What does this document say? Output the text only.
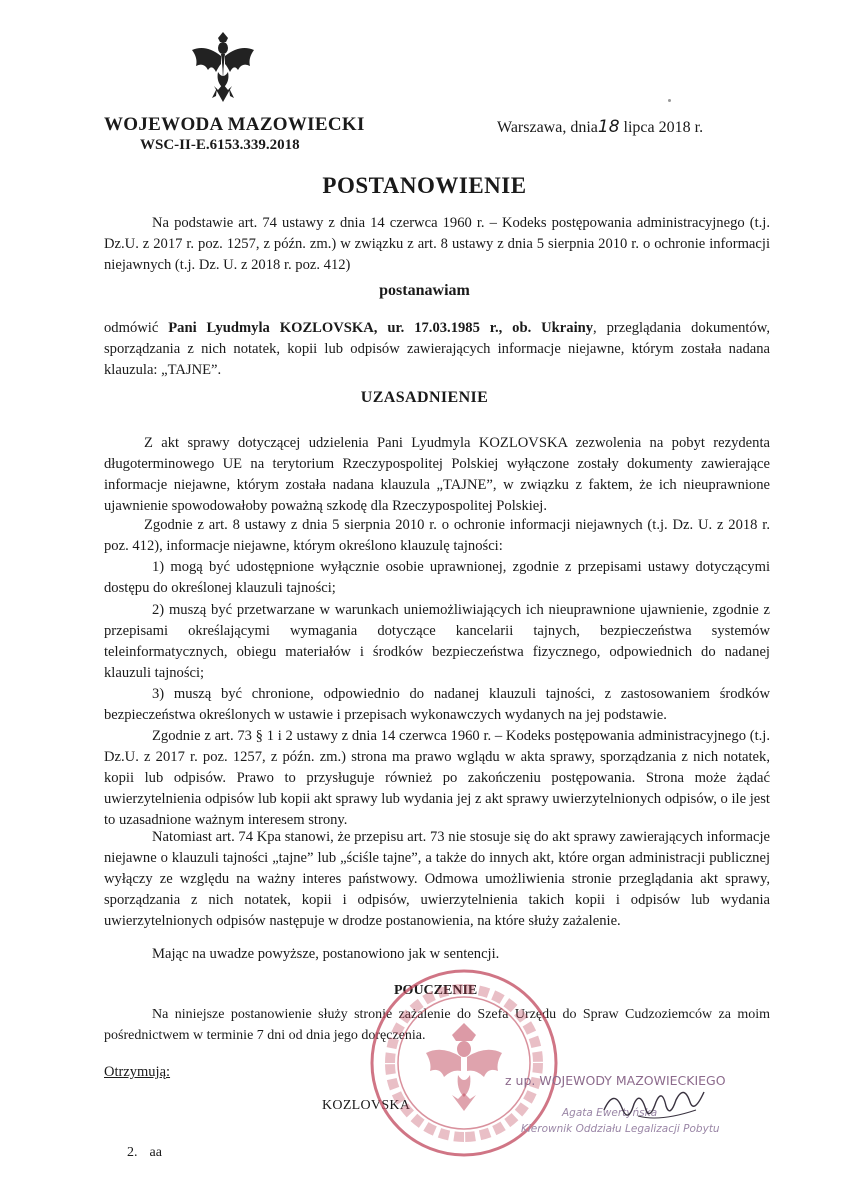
WOJEWODA MAZOWIECKI
WSC-II-E.6153.339.2018
Warszawa, dnia18 lipca 2018 r.
POSTANOWIENIE
Na podstawie art. 74 ustawy z dnia 14 czerwca 1960 r. – Kodeks postępowania administracyjnego (t.j. Dz.U. z 2017 r. poz. 1257, z późn. zm.) w związku z art. 8 ustawy z dnia 5 sierpnia 2010 r. o ochronie informacji niejawnych (t.j. Dz. U. z 2018 r. poz. 412)
postanawiam
odmówić Pani Lyudmyla KOZLOVSKA, ur. 17.03.1985 r., ob. Ukrainy, przeglądania dokumentów, sporządzania z nich notatek, kopii lub odpisów zawierających informacje niejawne, którym została nadana klauzula: „TAJNE”.
UZASADNIENIE
Z akt sprawy dotyczącej udzielenia Pani Lyudmyla KOZLOVSKA zezwolenia na pobyt rezydenta długoterminowego UE na terytorium Rzeczypospolitej Polskiej wyłączone zostały dokumenty zawierające informacje niejawne, którym została nadana klauzula „TAJNE”, w związku z faktem, że ich nieuprawnione ujawnienie spowodowałoby poważną szkodę dla Rzeczypospolitej Polskiej.
Zgodnie z art. 8 ustawy z dnia 5 sierpnia 2010 r. o ochronie informacji niejawnych (t.j. Dz. U. z 2018 r. poz. 412), informacje niejawne, którym określono klauzulę tajności:
1) mogą być udostępnione wyłącznie osobie uprawnionej, zgodnie z przepisami ustawy dotyczącymi dostępu do określonej klauzuli tajności;
2) muszą być przetwarzane w warunkach uniemożliwiających ich nieuprawnione ujawnienie, zgodnie z przepisami określającymi wymagania dotyczące kancelarii tajnych, bezpieczeństwa systemów teleinformatycznych, obiegu materiałów i środków bezpieczeństwa fizycznego, odpowiednich do nadanej klauzuli tajności;
3) muszą być chronione, odpowiednio do nadanej klauzuli tajności, z zastosowaniem środków bezpieczeństwa określonych w ustawie i przepisach wykonawczych wydanych na jej podstawie.
Zgodnie z art. 73 § 1 i 2 ustawy z dnia 14 czerwca 1960 r. – Kodeks postępowania administracyjnego (t.j. Dz.U. z 2017 r. poz. 1257, z późn. zm.) strona ma prawo wglądu w akta sprawy, sporządzania z nich notatek, kopii lub odpisów. Prawo to przysługuje również po zakończeniu postępowania. Strona może żądać uwierzytelnienia odpisów lub kopii akt sprawy lub wydania jej z akt sprawy uwierzytelnionych odpisów, o ile jest to uzasadnione ważnym interesem strony.
Natomiast art. 74 Kpa stanowi, że przepisu art. 73 nie stosuje się do akt sprawy zawierających informacje niejawne o klauzuli tajności „tajne” lub „ściśle tajne”, a także do innych akt, które organ administracji publicznej wyłączy ze względu na ważny interes państwowy. Odmowa umożliwienia stronie przeglądania akt sprawy, sporządzania z nich notatek, kopii i odpisów, uwierzytelnienia takich kopii i odpisów lub wydania uwierzytelnionych odpisów następuje w drodze postanowienia, na które służy zażalenie.
Mając na uwadze powyższe, postanowiono jak w sentencji.
POUCZENIE
Na niniejsze postanowienie służy stronie zażalenie do Szefa Urzędu do Spraw Cudzoziemców za moim pośrednictwem w terminie 7 dni od dnia jego doręczenia.
Otrzymują:
KOZLOVSKA
2. aa
z up. WOJEWODY MAZOWIECKIEGO
Agata Ewertyńska
Kierownik Oddziału Legalizacji Pobytu
